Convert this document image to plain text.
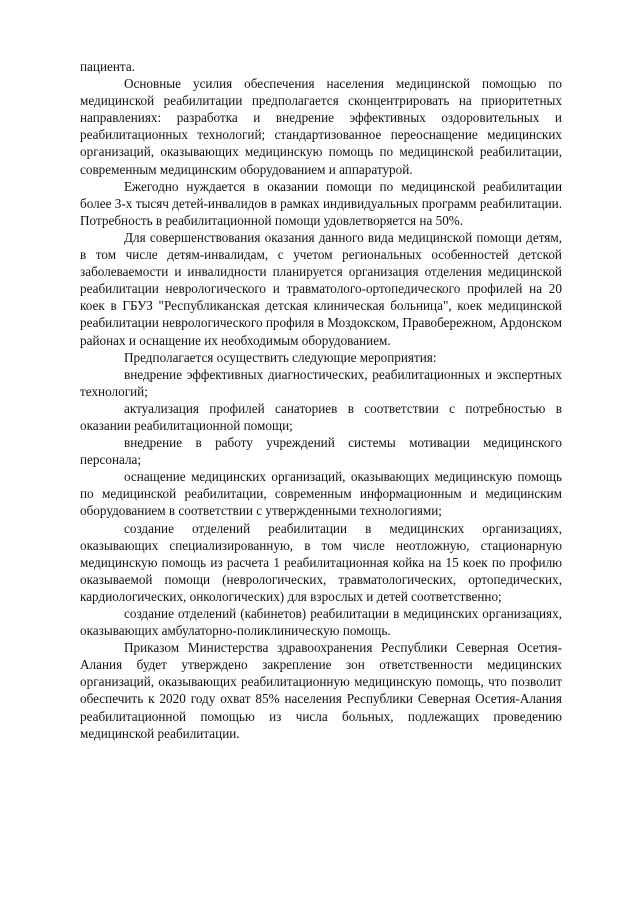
пациента.

Основные усилия обеспечения населения медицинской помощью по медицинской реабилитации предполагается сконцентрировать на приоритетных направлениях: разработка и внедрение эффективных оздоровительных и реабилитационных технологий; стандартизованное переоснащение медицинских организаций, оказывающих медицинскую помощь по медицинской реабилитации, современным медицинским оборудованием и аппаратурой.

Ежегодно нуждается в оказании помощи по медицинской реабилитации более 3-х тысяч детей-инвалидов в рамках индивидуальных программ реабилитации. Потребность в реабилитационной помощи удовлетворяется на 50%.

Для совершенствования оказания данного вида медицинской помощи детям, в том числе детям-инвалидам, с учетом региональных особенностей детской заболеваемости и инвалидности планируется организация отделения медицинской реабилитации неврологического и травматолого-ортопедического профилей на 20 коек в ГБУЗ "Республиканская детская клиническая больница", коек медицинской реабилитации неврологического профиля в Моздокском, Правобережном, Ардонском районах и оснащение их необходимым оборудованием.

Предполагается осуществить следующие мероприятия:

внедрение эффективных диагностических, реабилитационных и экспертных технологий;

актуализация профилей санаториев в соответствии с потребностью в оказании реабилитационной помощи;

внедрение в работу учреждений системы мотивации медицинского персонала;

оснащение медицинских организаций, оказывающих медицинскую помощь по медицинской реабилитации, современным информационным и медицинским оборудованием в соответствии с утвержденными технологиями;

создание отделений реабилитации в медицинских организациях, оказывающих специализированную, в том числе неотложную, стационарную медицинскую помощь из расчета 1 реабилитационная койка на 15 коек по профилю оказываемой помощи (неврологических, травматологических, ортопедических, кардиологических, онкологических) для взрослых и детей соответственно;

создание отделений (кабинетов) реабилитации в медицинских организациях, оказывающих амбулаторно-поликлиническую помощь.

Приказом Министерства здравоохранения Республики Северная Осетия-Алания будет утверждено закрепление зон ответственности медицинских организаций, оказывающих реабилитационную медицинскую помощь, что позволит обеспечить к 2020 году охват 85% населения Республики Северная Осетия-Алания реабилитационной помощью из числа больных, подлежащих проведению медицинской реабилитации.
